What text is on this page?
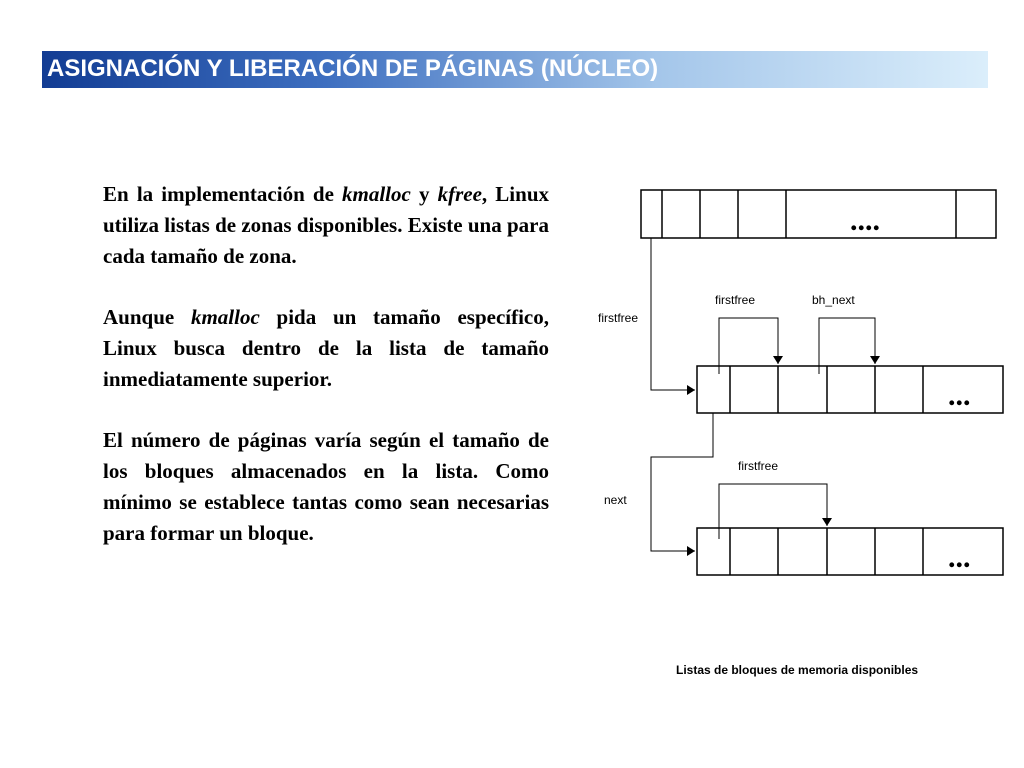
ASIGNACIÓN Y LIBERACIÓN DE PÁGINAS (NÚCLEO)

En la implementación de kmalloc y kfree, Linux utiliza listas de zonas disponibles. Existe una para cada tamaño de zona.

Aunque kmalloc pida un tamaño específico, Linux busca dentro de la lista de tamaño inmediatamente superior.

El número de páginas varía según el tamaño de los bloques almacenados en la lista. Como mínimo se establece tantas como sean necesarias para formar un bloque.

....
...
...
firstfree
firstfree	bh_next
next
firstfree
Listas de bloques de memoria disponibles
